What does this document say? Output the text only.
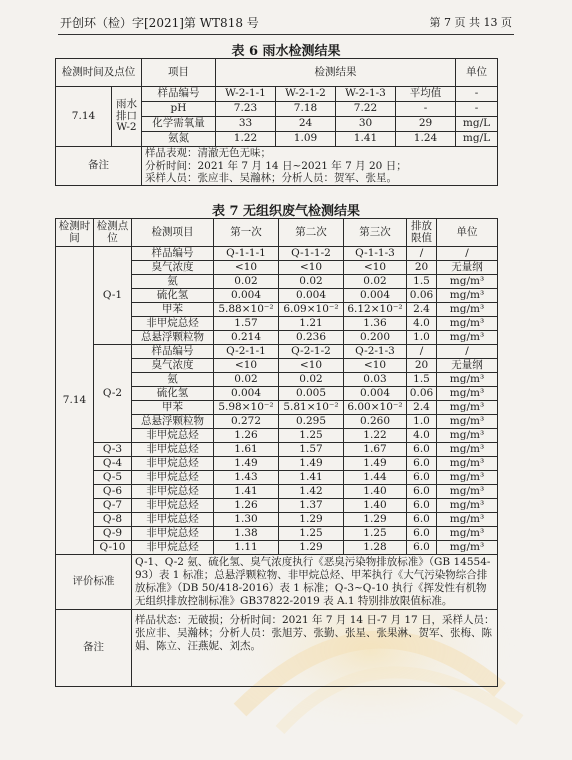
开创环（检）字[2021]第 WT818 号	第 7 页 共 13 页
表 6 雨水检测结果
检测时间及点位		项目	检测结果				单位
7.14	雨水排口 W-2	样品编号	W-2-1-1	W-2-1-2	W-2-1-3	平均值	-
		pH	7.23	7.18	7.22	-	-
		化学需氧量	33	24	30	29	mg/L
		氨氮	1.22	1.09	1.41	1.24	mg/L
备注		样品表观：清澈无色无味；
分析时间：2021 年 7 月 14 日~2021 年 7 月 20 日；
采样人员：张应非、吴瀚林；分析人员：贺军、张星。					
表 7 无组织废气检测结果
检测时间	检测点位	检测项目	第一次	第二次	第三次	排放限值	单位
7.14	Q-1	样品编号	Q-1-1-1	Q-1-1-2	Q-1-1-3	/	/
		臭气浓度	<10	<10	<10	20	无量纲
		氨	0.02	0.02	0.02	1.5	mg/m³
		硫化氢	0.004	0.004	0.004	0.06	mg/m³
		甲苯	5.88×10⁻²	6.09×10⁻²	6.12×10⁻²	2.4	mg/m³
		非甲烷总烃	1.57	1.21	1.36	4.0	mg/m³
		总悬浮颗粒物	0.214	0.236	0.200	1.0	mg/m³
	Q-2	样品编号	Q-2-1-1	Q-2-1-2	Q-2-1-3	/	/
		臭气浓度	<10	<10	<10	20	无量纲
		氨	0.02	0.02	0.03	1.5	mg/m³
		硫化氢	0.004	0.005	0.004	0.06	mg/m³
		甲苯	5.98×10⁻²	5.81×10⁻²	6.00×10⁻²	2.4	mg/m³
		总悬浮颗粒物	0.272	0.295	0.260	1.0	mg/m³
		非甲烷总烃	1.26	1.25	1.22	4.0	mg/m³
	Q-3	非甲烷总烃	1.61	1.57	1.67	6.0	mg/m³
	Q-4	非甲烷总烃	1.49	1.49	1.49	6.0	mg/m³
	Q-5	非甲烷总烃	1.43	1.41	1.44	6.0	mg/m³
	Q-6	非甲烷总烃	1.41	1.42	1.40	6.0	mg/m³
	Q-7	非甲烷总烃	1.26	1.37	1.40	6.0	mg/m³
	Q-8	非甲烷总烃	1.30	1.29	1.29	6.0	mg/m³
	Q-9	非甲烷总烃	1.38	1.25	1.25	6.0	mg/m³
	Q-10	非甲烷总烃	1.11	1.29	1.28	6.0	mg/m³
评价标准		Q-1、Q-2 氨、硫化氢、臭气浓度执行《恶臭污染物排放标准》（GB 14554-93）表 1 标准；总悬浮颗粒物、非甲烷总烃、甲苯执行《大气污染物综合排放标准》（DB 50/418-2016）表 1 标准；Q-3~Q-10 执行《挥发性有机物无组织排放控制标准》GB37822-2019 表 A.1 特别排放限值标准。					
备注		样品状态：无破损；分析时间：2021 年 7 月 14 日-7 月 17 日，采样人员：张应非、吴瀚林；分析人员：张旭芳、张勤、张星、张果淋、贺军、张梅、陈娟、陈立、汪燕妮、刘杰。					
